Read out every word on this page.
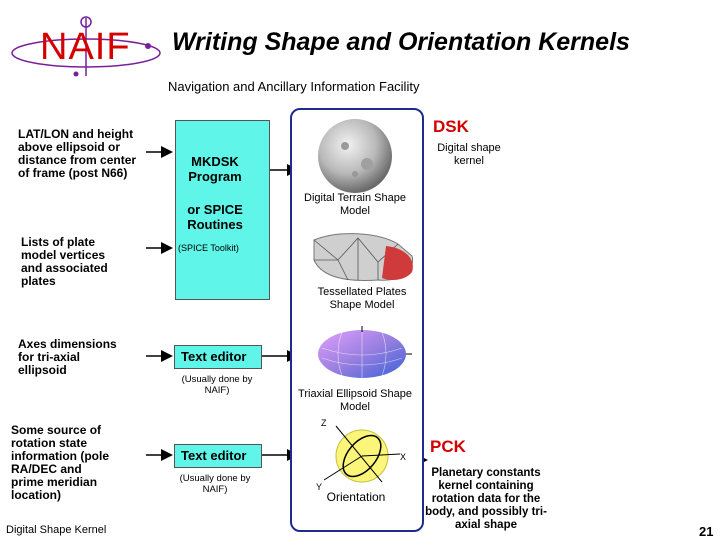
NAIF Writing Shape and Orientation Kernels
Navigation and Ancillary Information Facility
LAT/LON and height above ellipsoid or distance from center of frame (post N66)
Lists of plate model vertices and associated plates
Axes dimensions for tri-axial ellipsoid
Some source of rotation state information (pole RA/DEC and prime meridian location)
MKDSK Program
or SPICE Routines
(SPICE Toolkit)
Text editor
(Usually done by NAIF)
Text editor
(Usually done by NAIF)
Digital Terrain Shape Model
Tessellated Plates Shape Model
Triaxial Ellipsoid Shape Model
Z
X
Y
Orientation
DSK
Digital shape kernel
PCK
Planetary constants kernel containing rotation data for the body, and possibly tri-axial shape
Digital Shape Kernel	21
